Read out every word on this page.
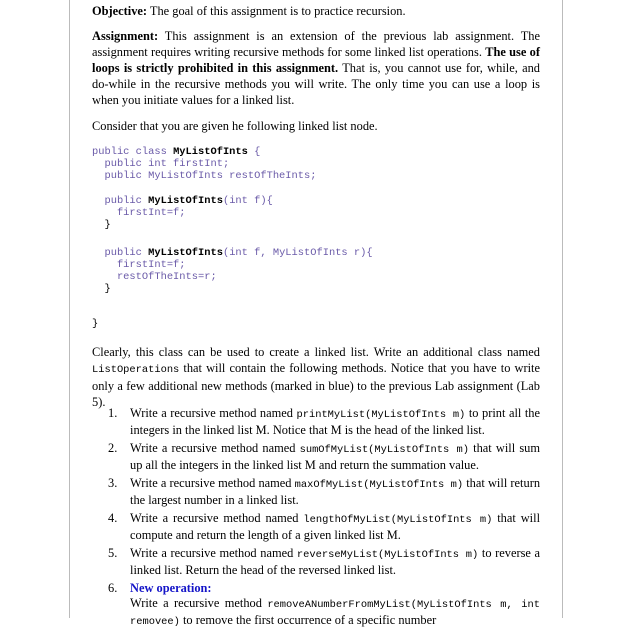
Objective: The goal of this assignment is to practice recursion.
Assignment: This assignment is an extension of the previous lab assignment. The assignment requires writing recursive methods for some linked list operations. The use of loops is strictly prohibited in this assignment. That is, you cannot use for, while, and do-while in the recursive methods you will write. The only time you can use a loop is when you initiate values for a linked list.
Consider that you are given he following linked list node.
public class MyListOfInts {
public int firstInt;
public MyListOfInts restOfTheInts;

public MyListOfInts(int f){
firstInt=f;
}
public MyListOfInts(int f, MyListOfInts r){
firstInt=f;
restOfTheInts=r;
}
}
Clearly, this class can be used to create a linked list. Write an additional class named ListOperations that will contain the following methods. Notice that you have to write only a few additional new methods (marked in blue) to the previous Lab assignment (Lab 5).
1. Write a recursive method named printMyList(MyListOfInts m) to print all the integers in the linked list M. Notice that M is the head of the linked list.
2. Write a recursive method named sumOfMyList(MyListOfInts m) that will sum up all the integers in the linked list M and return the summation value.
3. Write a recursive method named maxOfMyList(MyListOfInts m) that will return the largest number in a linked list.
4. Write a recursive method named lengthOfMyList(MyListOfInts m) that will compute and return the length of a given linked list M.
5. Write a recursive method named reverseMyList(MyListOfInts m) to reverse a linked list. Return the head of the reversed linked list.
6. New operation:
Write a recursive method removeANumberFromMyList(MyListOfInts m, int removee) to remove the first occurrence of a specific number
